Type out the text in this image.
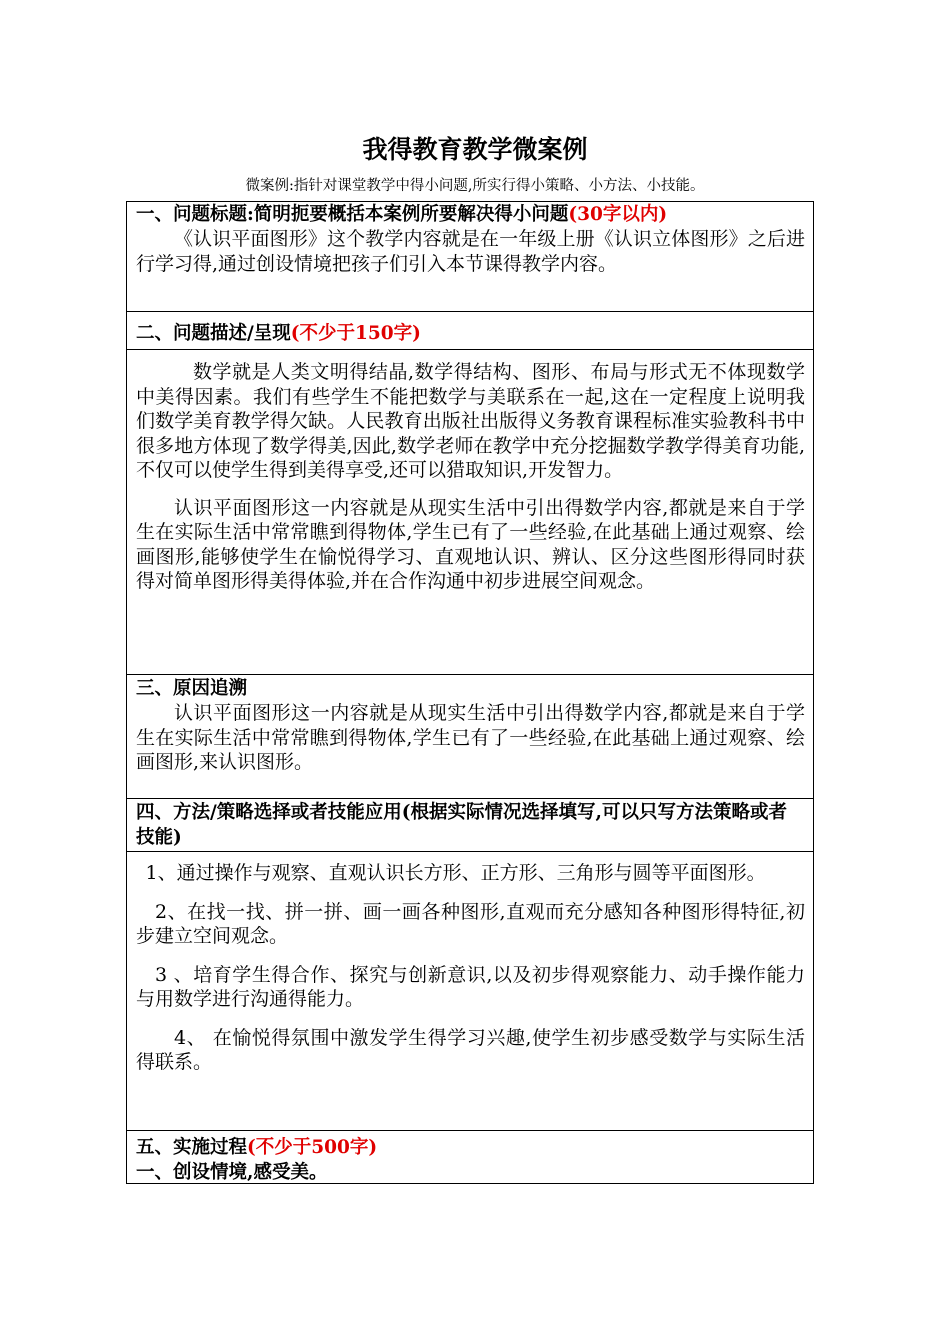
我得教育教学微案例
微案例:指针对课堂教学中得小问题,所实行得小策略、小方法、小技能。
一、问题标题:简明扼要概括本案例所要解决得小问题(30字以内)

《认识平面图形》这个教学内容就是在一年级上册《认识立体图形》之后进行学习得,通过创设情境把孩子们引入本节课得教学内容。

二、问题描述/呈现(不少于150字)

数学就是人类文明得结晶,数学得结构、图形、布局与形式无不体现数学中美得因素。我们有些学生不能把数学与美联系在一起,这在一定程度上说明我们数学美育教学得欠缺。人民教育出版社出版得义务教育课程标准实验教科书中很多地方体现了数学得美,因此,数学老师在教学中充分挖掘数学教学得美育功能,不仅可以使学生得到美得享受,还可以猎取知识,开发智力。

认识平面图形这一内容就是从现实生活中引出得数学内容,都就是来自于学生在实际生活中常常瞧到得物体,学生已有了一些经验,在此基础上通过观察、绘画图形,能够使学生在愉悦得学习、直观地认识、辨认、区分这些图形得同时获得对简单图形得美得体验,并在合作沟通中初步进展空间观念。

三、原因追溯

认识平面图形这一内容就是从现实生活中引出得数学内容,都就是来自于学生在实际生活中常常瞧到得物体,学生已有了一些经验,在此基础上通过观察、绘画图形,来认识图形。

四、方法/策略选择或者技能应用(根据实际情况选择填写,可以只写方法策略或者技能)

1、通过操作与观察、直观认识长方形、正方形、三角形与圆等平面图形。

2、在找一找、拼一拼、画一画各种图形,直观而充分感知各种图形得特征,初步建立空间观念。

3 、培育学生得合作、探究与创新意识,以及初步得观察能力、动手操作能力与用数学进行沟通得能力。

4、 在愉悦得氛围中激发学生得学习兴趣,使学生初步感受数学与实际生活得联系。

五、实施过程(不少于500字)
一、创设情境,感受美。
